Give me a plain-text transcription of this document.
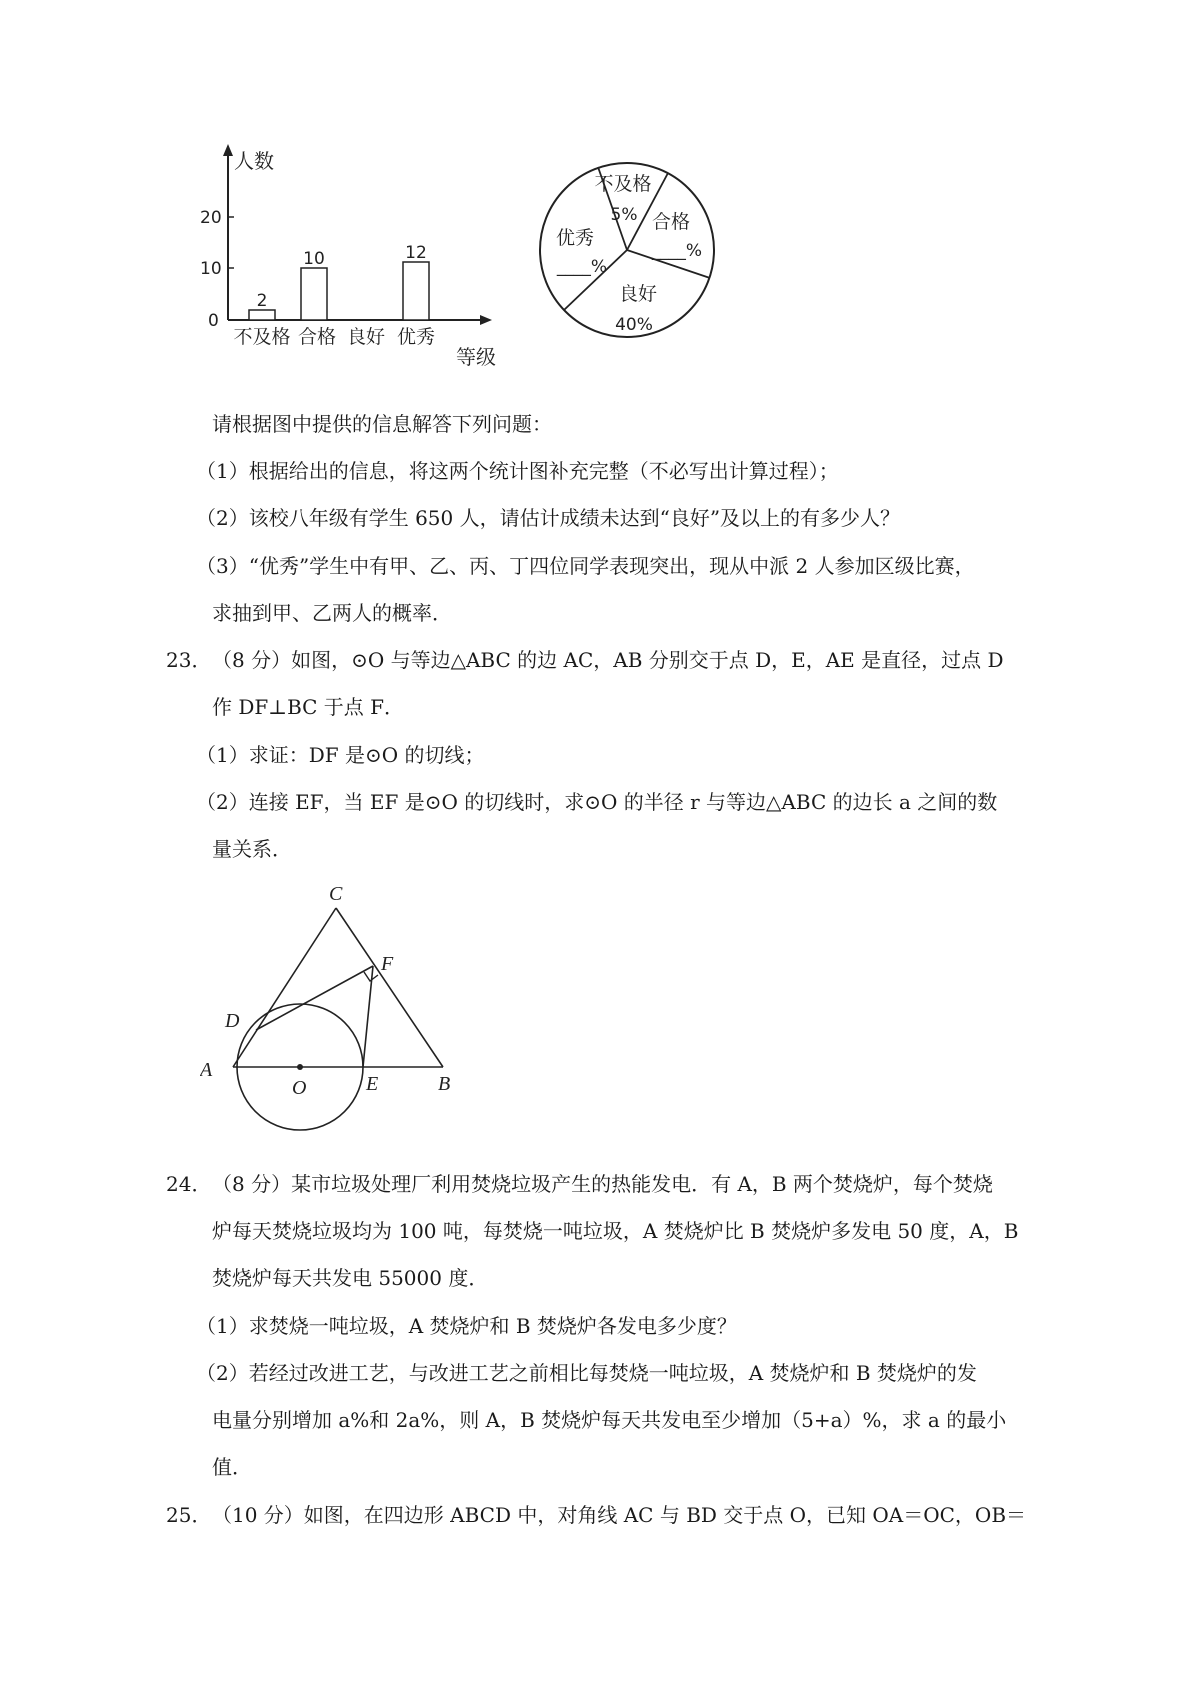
人数
0
10
20
2
10	12
不及格 合格 良好 优秀
等级
不及格
5% 合格
____%
优秀
____%
良好
40%
请根据图中提供的信息解答下列问题：
（1）根据给出的信息，将这两个统计图补充完整（不必写出计算过程）；
（2）该校八年级有学生 650 人，请估计成绩未达到“良好”及以上的有多少人？
（3）“优秀”学生中有甲、乙、丙、丁四位同学表现突出，现从中派 2 人参加区级比赛，
求抽到甲、乙两人的概率．
23． （8 分）如图，⊙O 与等边△ABC 的边 AC，AB 分别交于点 D，E，AE 是直径，过点 D
作 DF⊥BC 于点 F．
（1）求证：DF 是⊙O 的切线；
（2）连接 EF，当 EF 是⊙O 的切线时，求⊙O 的半径 r 与等边△ABC 的边长 a 之间的数
量关系．
C
F
D
A
O	E	B
24． （8 分）某市垃圾处理厂利用焚烧垃圾产生的热能发电．有 A，B 两个焚烧炉，每个焚烧
炉每天焚烧垃圾均为 100 吨，每焚烧一吨垃圾，A 焚烧炉比 B 焚烧炉多发电 50 度，A，B
焚烧炉每天共发电 55000 度．
（1）求焚烧一吨垃圾，A 焚烧炉和 B 焚烧炉各发电多少度？
（2）若经过改进工艺，与改进工艺之前相比每焚烧一吨垃圾，A 焚烧炉和 B 焚烧炉的发
电量分别增加 a%和 2a%，则 A，B 焚烧炉每天共发电至少增加（5+a）%，求 a 的最小
值．
25． （10 分）如图，在四边形 ABCD 中，对角线 AC 与 BD 交于点 O，已知 OA＝OC，OB＝
